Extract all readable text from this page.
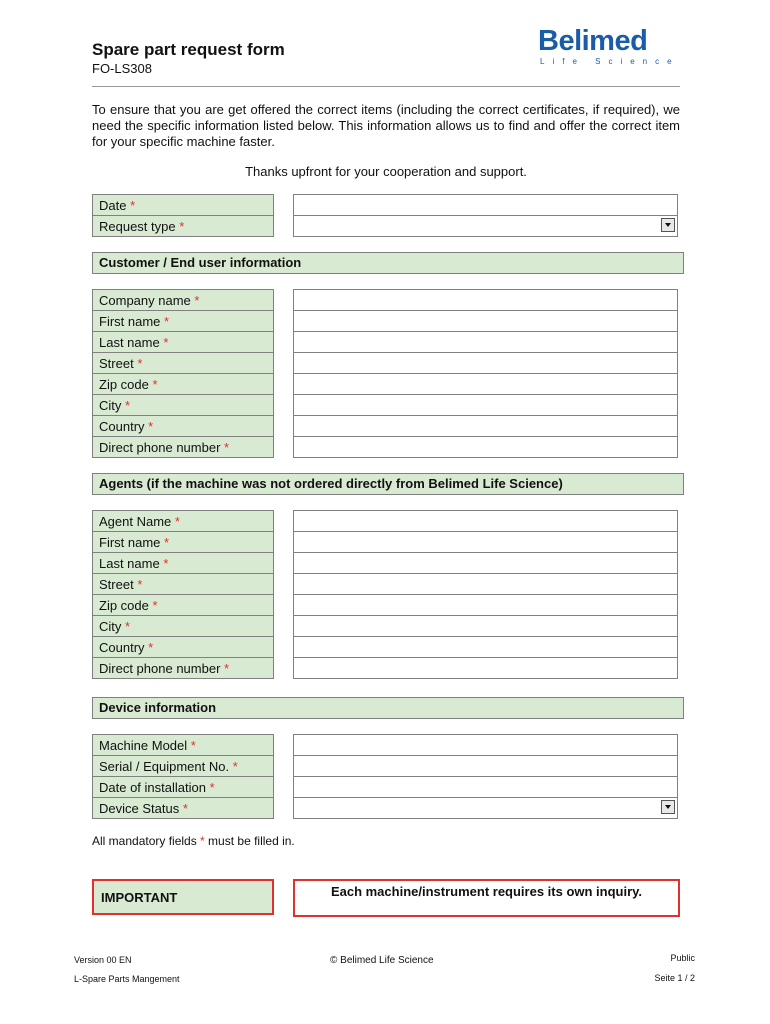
Spare part request form
FO-LS308
Belimed
Life Science
To ensure that you are get offered the correct items (including the correct certificates, if required), we need the specific information listed below. This information allows us to find and offer the correct item for your specific machine faster.
Thanks upfront for your cooperation and support.
Date *
Request type *

Customer / End user information
Company name *
First name *
Last name *
Street *
Zip code *
City *
Country *
Direct phone number *

Agents (if the machine was not ordered directly from Belimed Life Science)
Agent Name *
First name *
Last name *
Street *
Zip code *
City *
Country *
Direct phone number *

Device information
Machine Model *
Serial / Equipment No. *
Date of installation *
Device Status *

All mandatory fields * must be filled in.
IMPORTANT	Each machine/instrument requires its own inquiry.
Version 00 EN
L-Spare Parts Mangement
© Belimed Life Science	Public
Seite 1 / 2
